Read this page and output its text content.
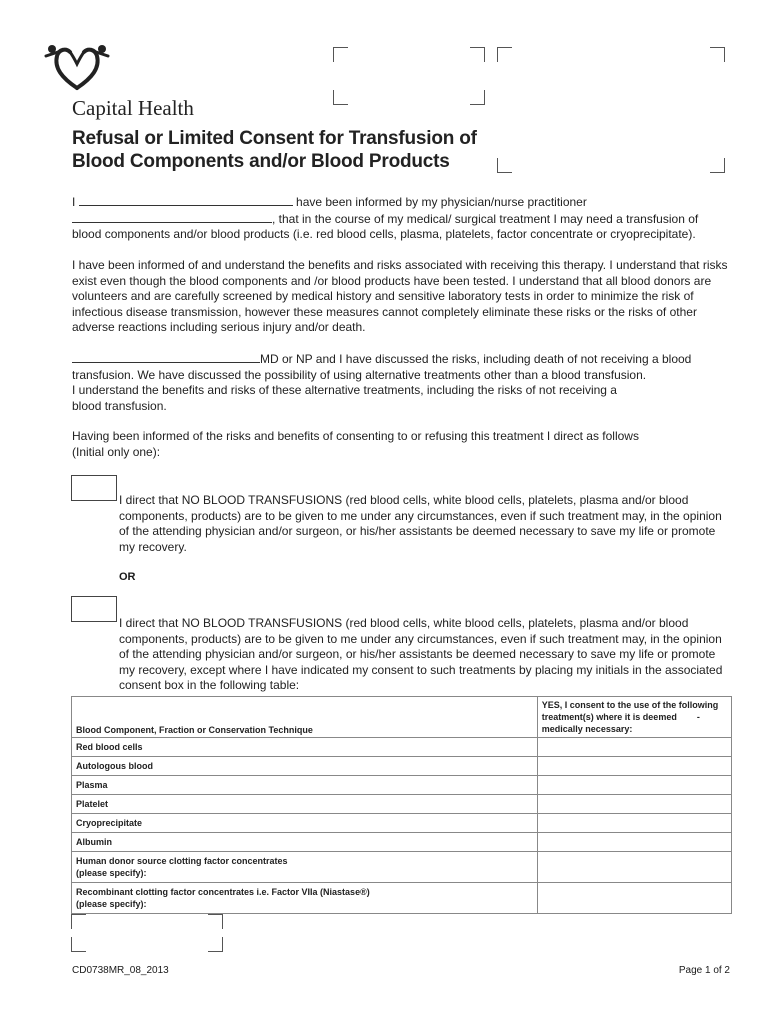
Capital Health
Refusal or Limited Consent for Transfusion of
Blood Components and/or Blood Products
I	have been informed by my physician/nurse practitioner
, that in the course of my medical/ surgical treatment I may need a transfusion of
blood components and/or blood products (i.e. red blood cells, plasma, platelets, factor concentrate or cryoprecipitate).
I have been informed of and understand the benefits and risks associated with receiving this therapy. I understand that risks exist even though the blood components and /or blood products have been tested. I understand that all blood donors are volunteers and are carefully screened by medical history and sensitive laboratory tests in order to minimize the risk of infectious disease transmission, however these measures cannot completely eliminate these risks or the risks of other adverse reactions including serious injury and/or death.
MD or NP and I have discussed the risks, including death of not receiving a blood
transfusion. We have discussed the possibility of using alternative treatments other than a blood transfusion.
I understand the benefits and risks of these alternative treatments, including the risks of not receiving a
blood transfusion.
Having been informed of the risks and benefits of consenting to or refusing this treatment I direct as follows
(Initial only one):
I direct that NO BLOOD TRANSFUSIONS (red blood cells, white blood cells, platelets, plasma and/or blood components, products) are to be given to me under any circumstances, even if such treatment may, in the opinion of the attending physician and/or surgeon, or his/her assistants be deemed necessary to save my life or promote my recovery.
OR
I direct that NO BLOOD TRANSFUSIONS (red blood cells, white blood cells, platelets, plasma and/or blood components, products) are to be given to me under any circumstances, even if such treatment may, in the opinion of the attending physician and/or surgeon, or his/her assistants be deemed necessary to save my life or promote my recovery, except where I have indicated my consent to such treatments by placing my initials in the associated consent box in the following table:
Blood Component, Fraction or Conservation Technique	YES, I consent to the use of the following
treatment(s) where it is deemed -
medically necessary:

Red blood cells	
Autologous blood	
Plasma	
Platelet	
Cryoprecipitate	
Albumin	

Human donor source clotting factor concentrates
(please specify):	

Recombinant clotting factor concentrates i.e. Factor VIIa (Niastase®)
(please specify):	

CD0738MR_08_2013	Page 1 of 2
